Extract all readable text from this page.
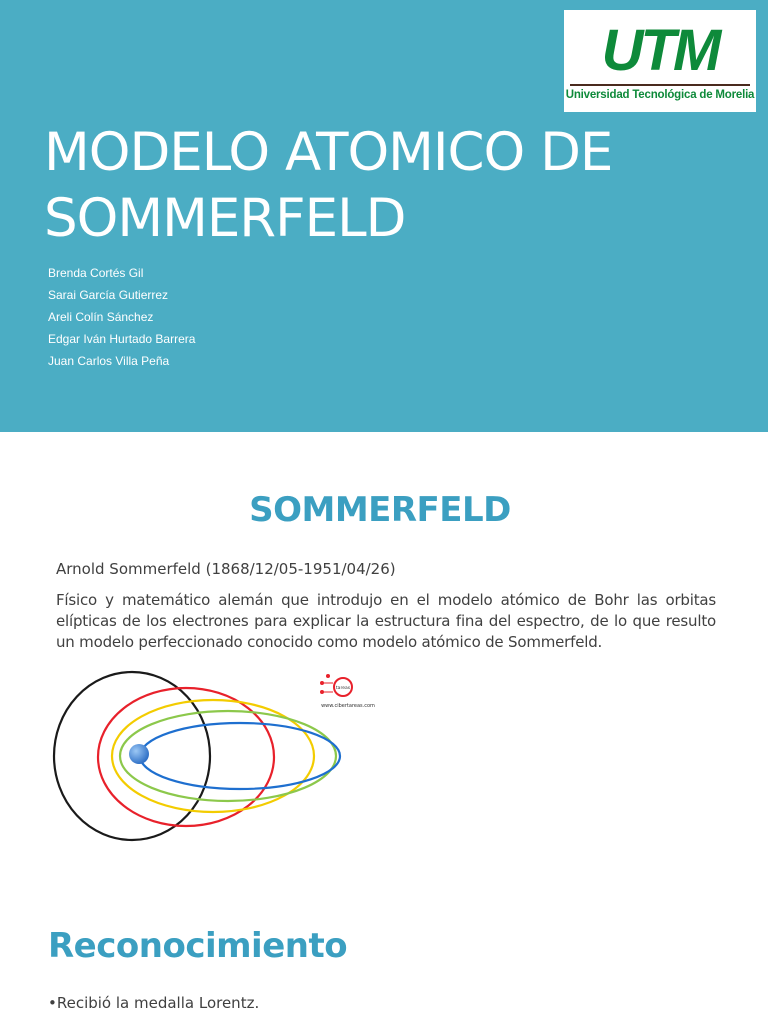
UTM
Universidad Tecnológica de Morelia
MODELO ATOMICO DE
SOMMERFELD
Brenda Cortés Gil
Sarai García Gutierrez
Areli Colín Sánchez
Edgar Iván Hurtado Barrera
Juan Carlos Villa Peña
SOMMERFELD

Arnold Sommerfeld (1868/12/05-1951/04/26)

Físico y matemático alemán que introdujo en el modelo atómico de Bohr las orbitas elípticas de los electrones para explicar la estructura fina del espectro, de lo que resulto un modelo perfeccionado conocido como modelo atómico de Sommerfeld.

tareas
www.cibertareas.com
Reconocimiento

•Recibió la medalla Lorentz.
